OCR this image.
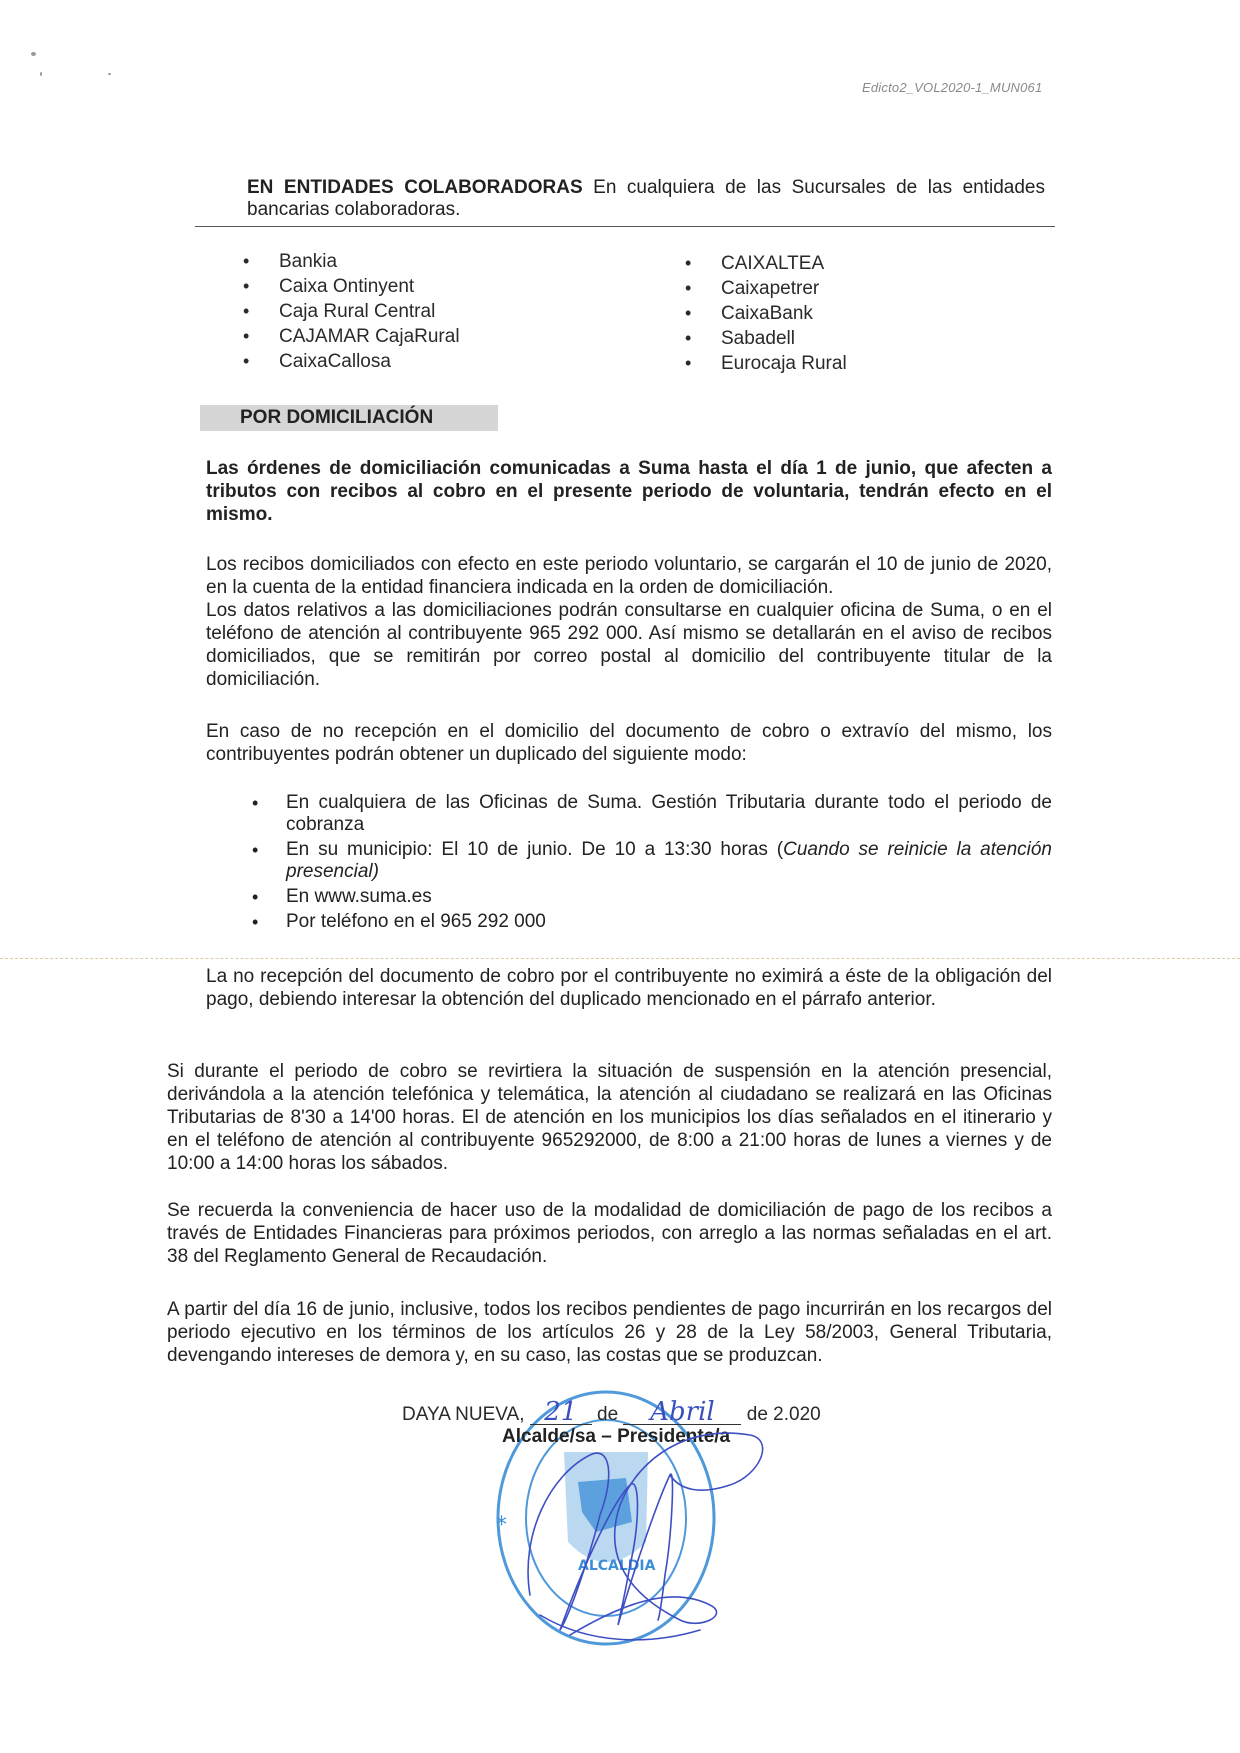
Edicto2_VOL2020-1_MUN061
EN ENTIDADES COLABORADORAS En cualquiera de las Sucursales de las entidades bancarias colaboradoras.
• Bankia
• Caixa Ontinyent
• Caja Rural Central
• CAJAMAR CajaRural
• CaixaCallosa
• CAIXALTEA
• Caixapetrer
• CaixaBank
• Sabadell
• Eurocaja Rural
POR DOMICILIACIÓN
Las órdenes de domiciliación comunicadas a Suma hasta el día 1 de junio, que afecten a tributos con recibos al cobro en el presente periodo de voluntaria, tendrán efecto en el mismo.
Los recibos domiciliados con efecto en este periodo voluntario, se cargarán el 10 de junio de 2020, en la cuenta de la entidad financiera indicada en la orden de domiciliación.
Los datos relativos a las domiciliaciones podrán consultarse en cualquier oficina de Suma, o en el teléfono de atención al contribuyente 965 292 000. Así mismo se detallarán en el aviso de recibos domiciliados, que se remitirán por correo postal al domicilio del contribuyente titular de la domiciliación.
En caso de no recepción en el domicilio del documento de cobro o extravío del mismo, los contribuyentes podrán obtener un duplicado del siguiente modo:
• En cualquiera de las Oficinas de Suma. Gestión Tributaria durante todo el periodo de cobranza
• En su municipio: El 10 de junio. De 10 a 13:30 horas (Cuando se reinicie la atención presencial)
• En www.suma.es
• Por teléfono en el 965 292 000
La no recepción del documento de cobro por el contribuyente no eximirá a éste de la obligación del pago, debiendo interesar la obtención del duplicado mencionado en el párrafo anterior.
Si durante el periodo de cobro se revirtiera la situación de suspensión en la atención presencial, derivándola a la atención telefónica y telemática, la atención al ciudadano se realizará en las Oficinas Tributarias de 8'30 a 14'00 horas. El de atención en los municipios los días señalados en el itinerario y en el teléfono de atención al contribuyente 965292000, de 8:00 a 21:00 horas de lunes a viernes y de 10:00 a 14:00 horas los sábados.
Se recuerda la conveniencia de hacer uso de la modalidad de domiciliación de pago de los recibos a través de Entidades Financieras para próximos periodos, con arreglo a las normas señaladas en el art. 38 del Reglamento General de Recaudación.
A partir del día 16 de junio, inclusive, todos los recibos pendientes de pago incurrirán en los recargos del periodo ejecutivo en los términos de los artículos 26 y 28 de la Ley 58/2003, General Tributaria, devengando intereses de demora y, en su caso, las costas que se produzcan.
ALCALDIA
*
DAYA NUEVA, 21 de Abril de 2.020
Alcalde/sa – Presidente/a
